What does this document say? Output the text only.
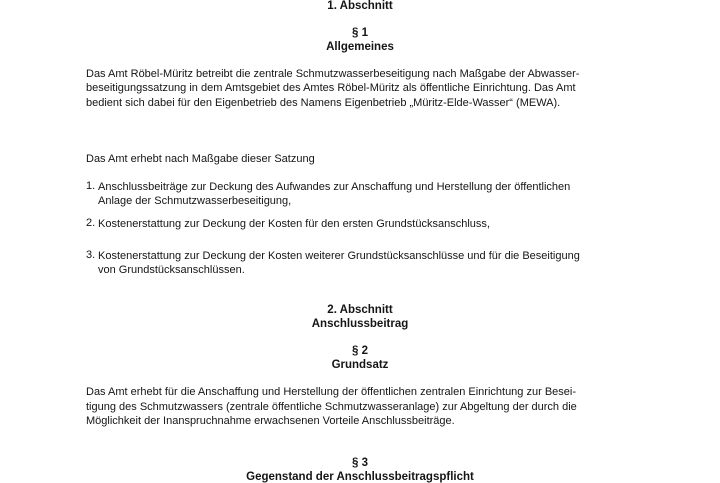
1. Abschnitt
§ 1
Allgemeines
Das Amt Röbel-Müritz betreibt die zentrale Schmutzwasserbeseitigung nach Maßgabe der Abwasser-
beseitigungssatzung in dem Amtsgebiet des Amtes Röbel-Müritz als öffentliche Einrichtung. Das Amt
bedient sich dabei für den Eigenbetrieb des Namens Eigenbetrieb „Müritz-Elde-Wasser“ (MEWA).
Das Amt erhebt nach Maßgabe dieser Satzung
1. Anschlussbeiträge zur Deckung des Aufwandes zur Anschaffung und Herstellung der öffentlichen
Anlage der Schmutzwasserbeseitigung,
2. Kostenerstattung zur Deckung der Kosten für den ersten Grundstücksanschluss,
3. Kostenerstattung zur Deckung der Kosten weiterer Grundstücksanschlüsse und für die Beseitigung
von Grundstücksanschlüssen.
2. Abschnitt
Anschlussbeitrag
§ 2
Grundsatz
Das Amt erhebt für die Anschaffung und Herstellung der öffentlichen zentralen Einrichtung zur Besei-
tigung des Schmutzwassers (zentrale öffentliche Schmutzwasseranlage) zur Abgeltung der durch die
Möglichkeit der Inanspruchnahme erwachsenen Vorteile Anschlussbeiträge.
§ 3
Gegenstand der Anschlussbeitragspflicht
